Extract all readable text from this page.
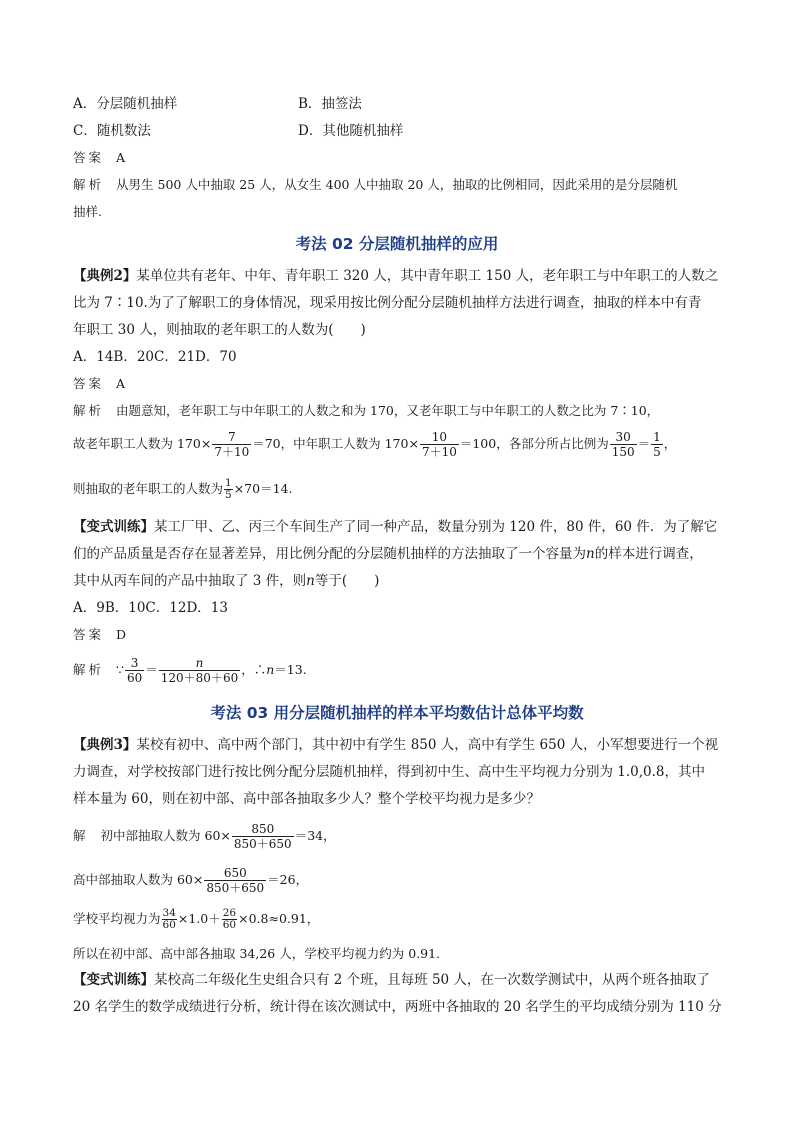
A．分层随机抽样	B．抽签法
C．随机数法	D．其他随机抽样
答案 A
解析 从男生 500 人中抽取 25 人，从女生 400 人中抽取 20 人，抽取的比例相同，因此采用的是分层随机
抽样.
考法 02 分层随机抽样的应用
【典例2】某单位共有老年、中年、青年职工 320 人，其中青年职工 150 人，老年职工与中年职工的人数之
比为 7∶10.为了了解职工的身体情况，现采用按比例分配分层随机抽样方法进行调查，抽取的样本中有青
年职工 30 人，则抽取的老年职工的人数为(　　)
A．14B．20C．21D．70
答案 A
解析 由题意知，老年职工与中年职工的人数之和为 170，又老年职工与中年职工的人数之比为 7∶10，
故老年职工人数为 $170\times \frac{7}{7+10} =70$，中年职工人数为 $170\times \frac{10}{7+10} =100$，各部分所占比例为 $\frac{30}{150} = \frac{1}{5}$ ，
则抽取的老年职工的人数为 $\frac{1}{5} \times 70=14$.
【变式训练】某工厂甲、乙、丙三个车间生产了同一种产品，数量分别为 120 件，80 件，60 件．为了解它
们的产品质量是否存在显著差异，用比例分配的分层随机抽样的方法抽取了一个容量为n的样本进行调查，
其中从丙车间的产品中抽取了 3 件，则n等于(　　)
A．9B．10C．12D．13
答案 D
解析 ∵ $\frac{3}{60} = \frac{n}{120+80+60}$ ，∴n＝13.
考法 03 用分层随机抽样的样本平均数估计总体平均数
【典例3】某校有初中、高中两个部门，其中初中有学生 850 人，高中有学生 650 人，小军想要进行一个视
力调查，对学校按部门进行按比例分配分层随机抽样，得到初中生、高中生平均视力分别为 1.0,0.8，其中
样本量为 60，则在初中部、高中部各抽取多少人？整个学校平均视力是多少？
解 初中部抽取人数为 $60\times \frac{850}{850+650} =34$，
高中部抽取人数为 $60\times \frac{650}{850+650} =26$，
学校平均视力为 $\frac{34}{60} \times 1.0+ \frac{26}{60} \times 0.8\approx 0.91$，
所以在初中部、高中部各抽取 34,26 人，学校平均视力约为 0.91.
【变式训练】某校高二年级化生史组合只有 2 个班，且每班 50 人，在一次数学测试中，从两个班各抽取了
20 名学生的数学成绩进行分析，统计得在该次测试中，两班中各抽取的 20 名学生的平均成绩分别为 110 分
